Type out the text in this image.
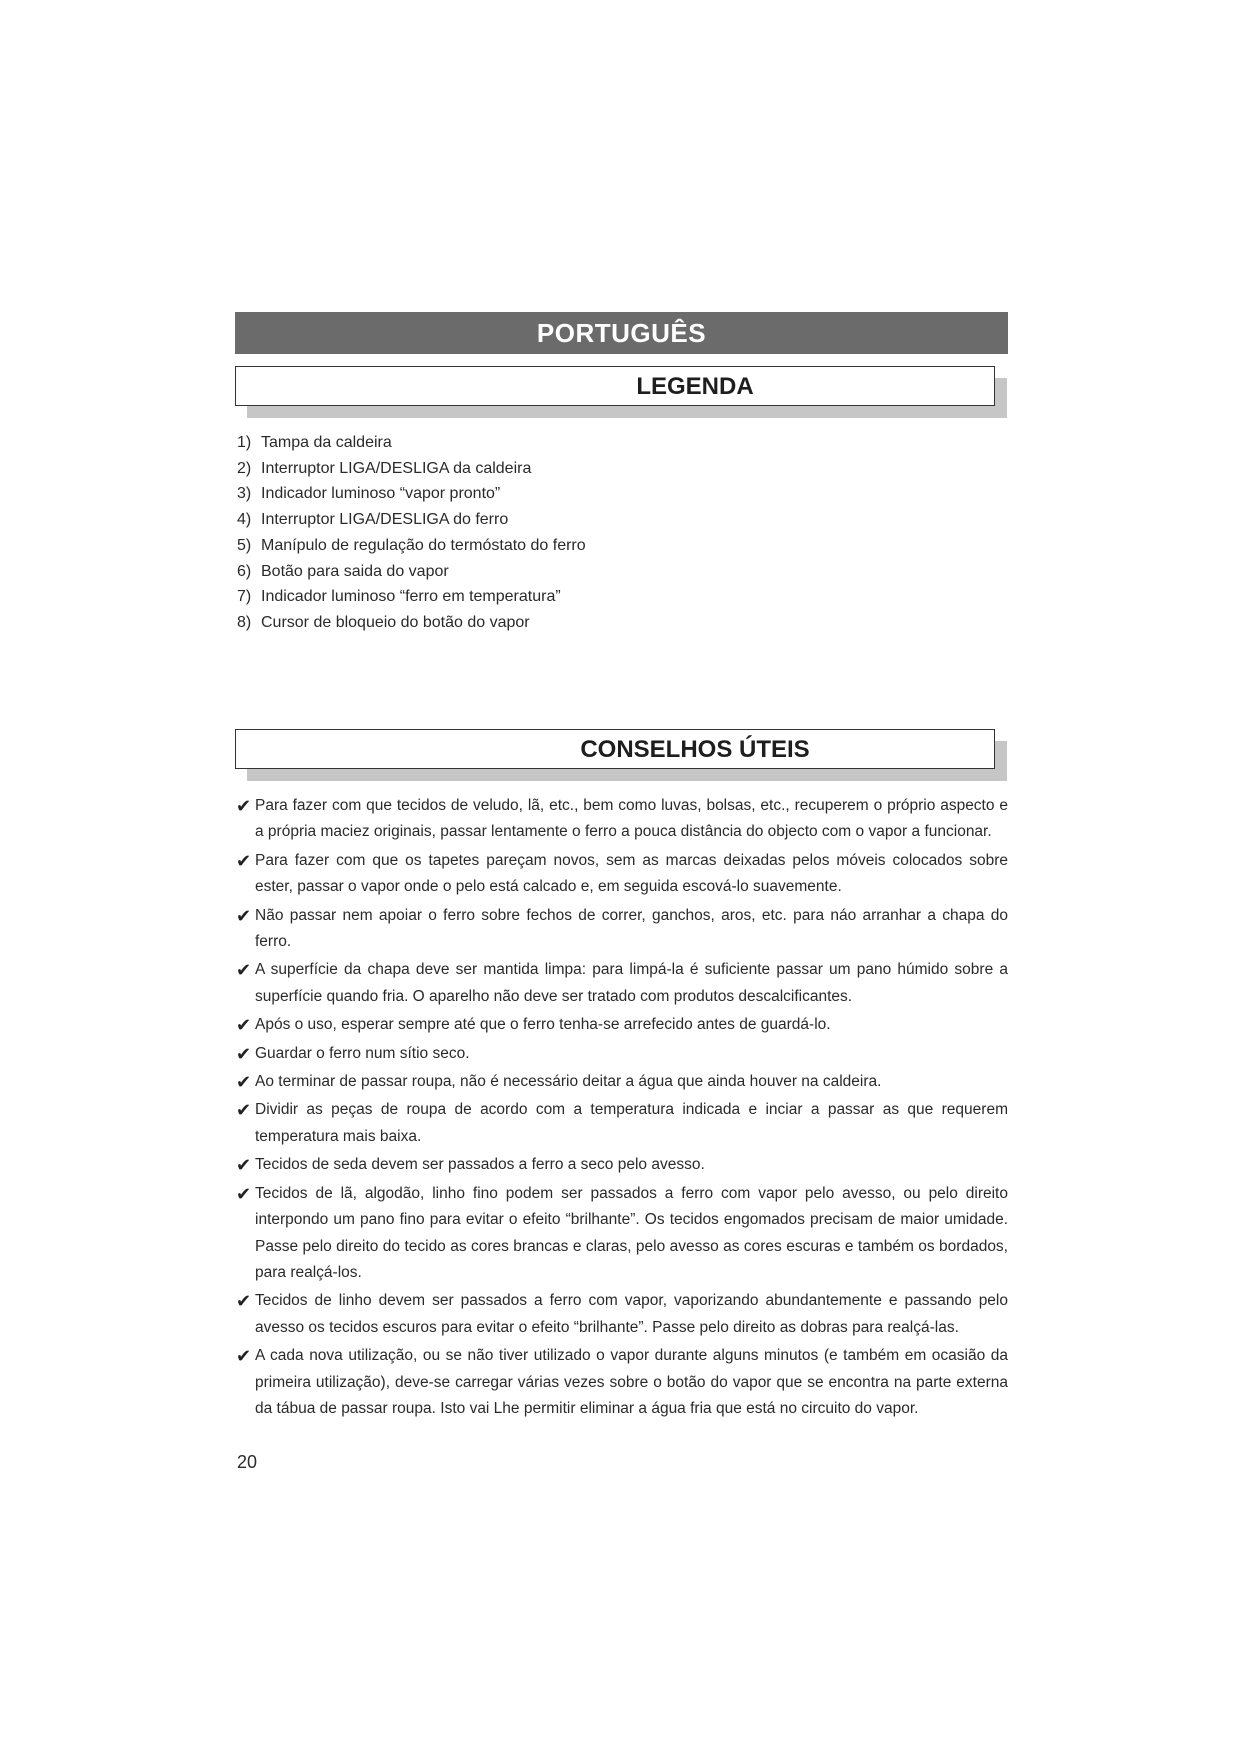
PORTUGUÊS
LEGENDA
1) Tampa da caldeira
2) Interruptor LIGA/DESLIGA da caldeira
3) Indicador luminoso “vapor pronto”
4) Interruptor LIGA/DESLIGA do ferro
5) Manípulo de regulação do termóstato do ferro
6) Botão para saida do vapor
7) Indicador luminoso “ferro em temperatura”
8) Cursor de bloqueio do botão do vapor
CONSELHOS ÚTEIS
✔ Para fazer com que tecidos de veludo, lã, etc., bem como luvas, bolsas, etc., recuperem o próprio aspecto e a própria maciez originais, passar lentamente o ferro a pouca distância do objecto com o vapor a funcionar.
✔ Para fazer com que os tapetes pareçam novos, sem as marcas deixadas pelos móveis colocados sobre ester, passar o vapor onde o pelo está calcado e, em seguida escová-lo suavemente.
✔ Não passar nem apoiar o ferro sobre fechos de correr, ganchos, aros, etc. para náo arranhar a chapa do ferro.
✔ A superfície da chapa deve ser mantida limpa: para limpá-la é suficiente passar um pano húmido sobre a superfície quando fria. O aparelho não deve ser tratado com produtos descalcificantes.
✔ Após o uso, esperar sempre até que o ferro tenha-se arrefecido antes de guardá-lo.
✔ Guardar o ferro num sítio seco.
✔ Ao terminar de passar roupa, não é necessário deitar a água que ainda houver na caldeira.
✔ Dividir as peças de roupa de acordo com a temperatura indicada e inciar a passar as que requerem temperatura mais baixa.
✔ Tecidos de seda devem ser passados a ferro a seco pelo avesso.
✔ Tecidos de lã, algodão, linho fino podem ser passados a ferro com vapor pelo avesso, ou pelo direito interpondo um pano fino para evitar o efeito “brilhante”. Os tecidos engomados precisam de maior umidade. Passe pelo direito do tecido as cores brancas e claras, pelo avesso as cores escuras e também os bordados, para realçá-los.
✔ Tecidos de linho devem ser passados a ferro com vapor, vaporizando abundantemente e passando pelo avesso os tecidos escuros para evitar o efeito “brilhante”. Passe pelo direito as dobras para realçá-las.
✔ A cada nova utilização, ou se não tiver utilizado o vapor durante alguns minutos (e também em ocasião da primeira utilização), deve-se carregar várias vezes sobre o botão do vapor que se encontra na parte externa da tábua de passar roupa. Isto vai Lhe permitir eliminar a água fria que está no circuito do vapor.
20
